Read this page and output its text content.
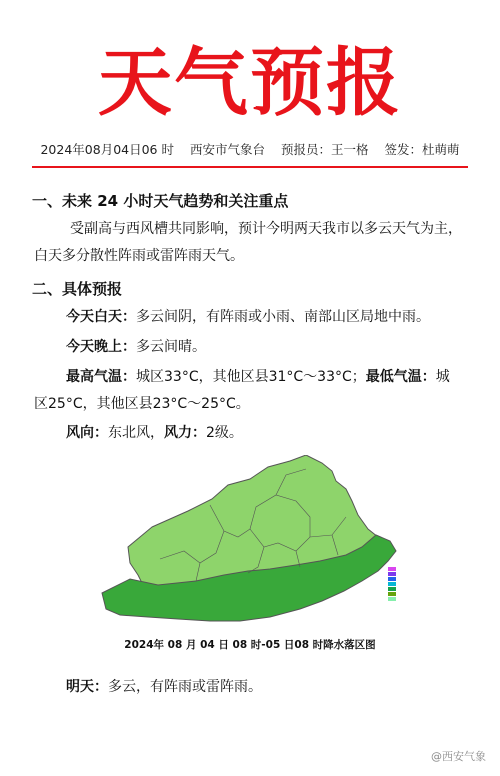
天气预报
2024年08月04日06 时 西安市气象台 预报员：王一格 签发：杜萌萌
一、未来 24 小时天气趋势和关注重点
受副高与西风槽共同影响，预计今明两天我市以多云天气为主，白天多分散性阵雨或雷阵雨天气。
二、具体预报
今天白天：多云间阴，有阵雨或小雨、南部山区局地中雨。
今天晚上：多云间晴。
最高气温：城区33°C，其他区县31°C～33°C；最低气温：城
区25°C，其他区县23°C～25°C。
风向：东北风，风力：2级。
2024年 08 月 04 日 08 时-05 日08 时降水落区图
明天：多云，有阵雨或雷阵雨。
@西安气象
